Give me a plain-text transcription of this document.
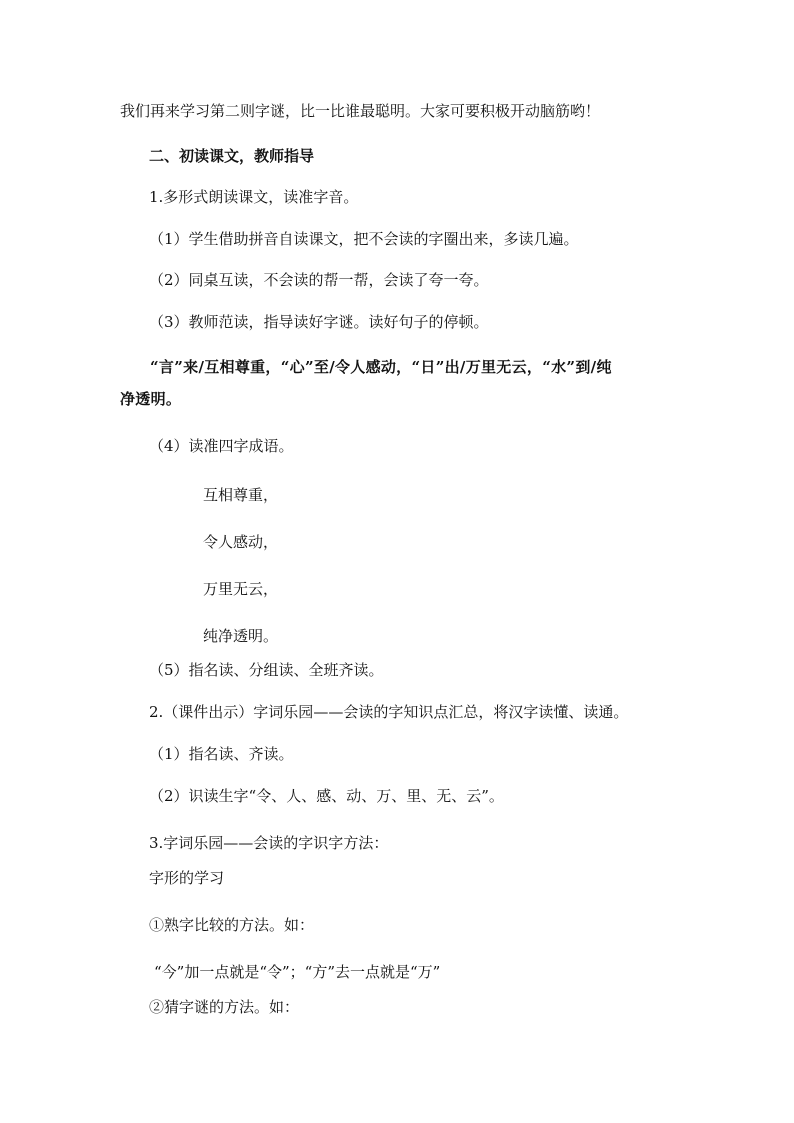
我们再来学习第二则字谜，比一比谁最聪明。大家可要积极开动脑筋哟！
二、初读课文，教师指导
1.多形式朗读课文，读准字音。
（1）学生借助拼音自读课文，把不会读的字圈出来，多读几遍。
（2）同桌互读，不会读的帮一帮，会读了夸一夸。
（3）教师范读，指导读好字谜。读好句子的停顿。
“言”来/互相尊重，“心”至/令人感动，“日”出/万里无云，“水”到/纯
净透明。
（4）读准四字成语。
互相尊重，
令人感动，
万里无云，
纯净透明。
（5）指名读、分组读、全班齐读。
2.（课件出示）字词乐园——会读的字知识点汇总，将汉字读懂、读通。
（1）指名读、齐读。
（2）识读生字“令、人、感、动、万、里、无、云”。
3.字词乐园——会读的字识字方法：
字形的学习
①熟字比较的方法。如：
“今”加一点就是“令”；“方”去一点就是“万”
②猜字谜的方法。如：
